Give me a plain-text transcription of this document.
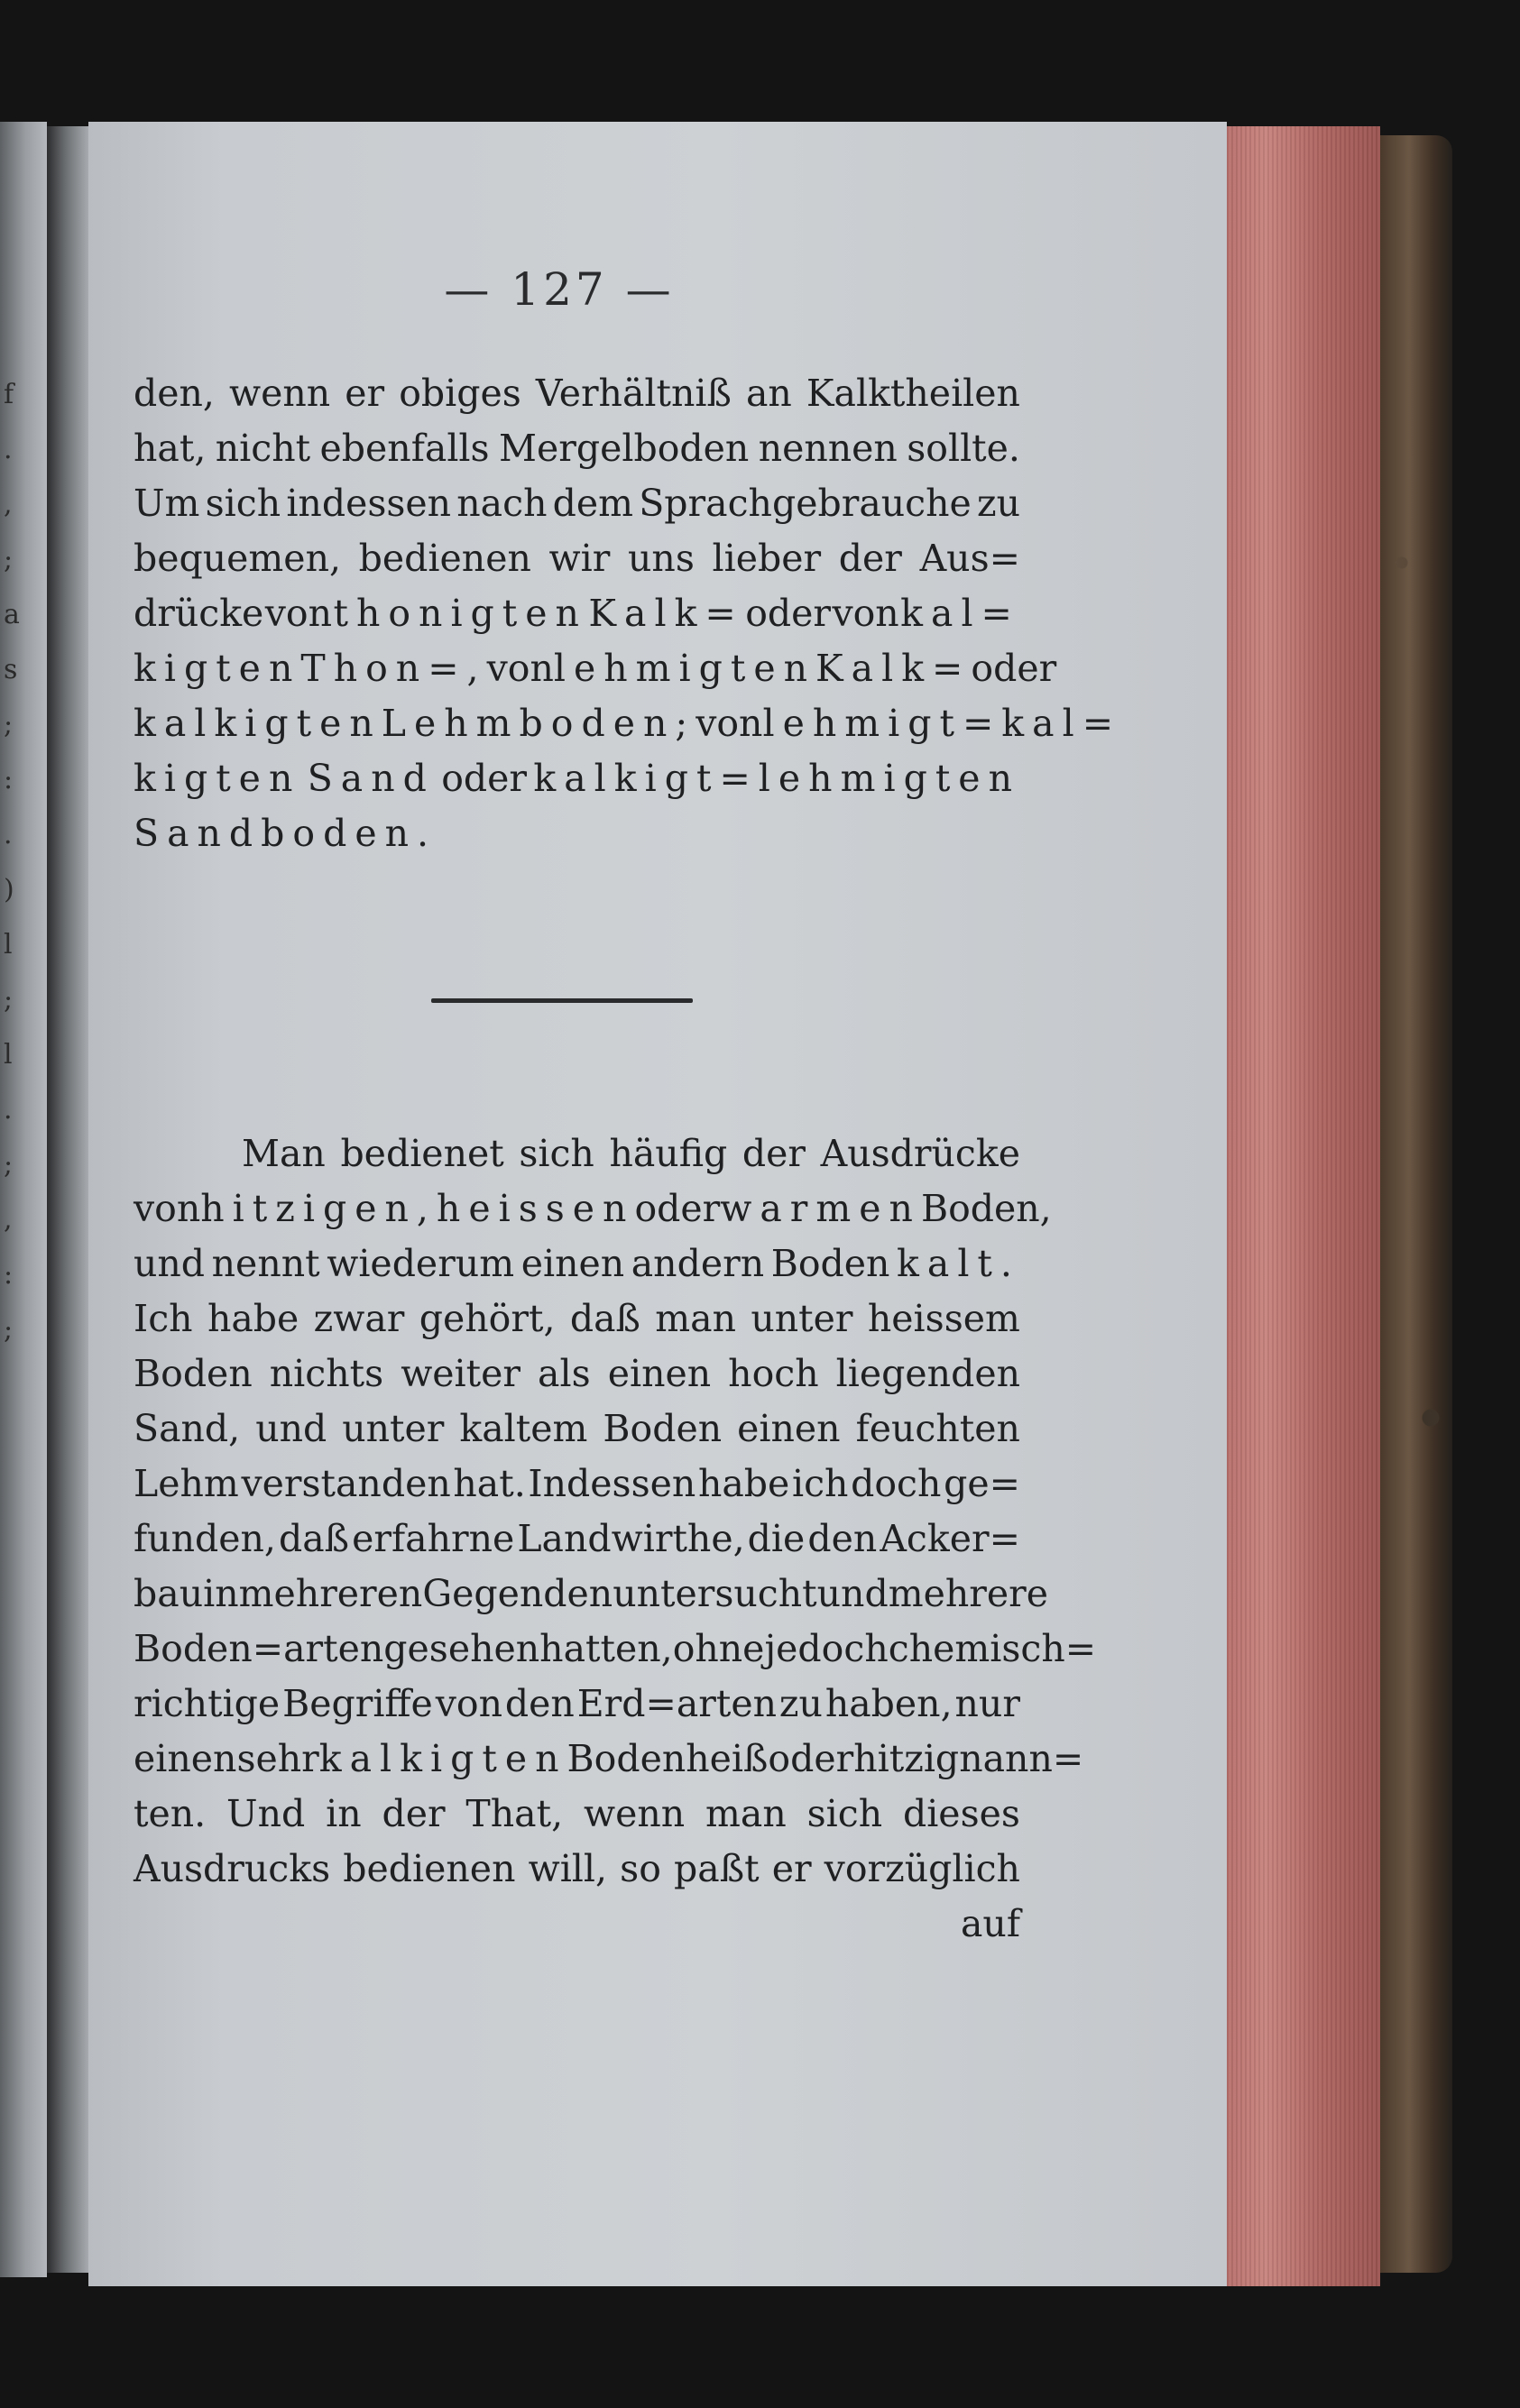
f
.
,
;
a
s
;
:
.
)
l
;
l
.
;
,
:
;
— 127 —
den, wenn er obiges Verhältniß an Kalktheilen
hat, nicht ebenfalls Mergelboden nennen sollte.
Um sich indessen nach dem Sprachgebrauche zu
bequemen, bedienen wir uns lieber der Aus=
drücke von thonigten Kalk= oder von kal=
kigten Thon=, von lehmigten Kalk= oder
kalkigten Lehmboden; von lehmigt=kal=
kigten Sand oder kalkigt=lehmigten
Sandboden.
Man bedienet sich häufig der Ausdrücke
von hitzigen, heissen oder warmen Boden,
und nennt wiederum einen andern Boden kalt.
Ich habe zwar gehört, daß man unter heissem
Boden nichts weiter als einen hoch liegenden
Sand, und unter kaltem Boden einen feuchten
Lehm verstanden hat. Indessen habe ich doch ge=
funden, daß erfahrne Landwirthe, die den Acker=
bau in mehreren Gegenden untersucht und mehrere
Boden=arten gesehen hatten, ohne jedoch chemisch=
richtige Begriffe von den Erd=arten zu haben, nur
einen sehr kalkigten Boden heiß oder hitzig nann=
ten. Und in der That, wenn man sich dieses
Ausdrucks bedienen will, so paßt er vorzüglich
auf
